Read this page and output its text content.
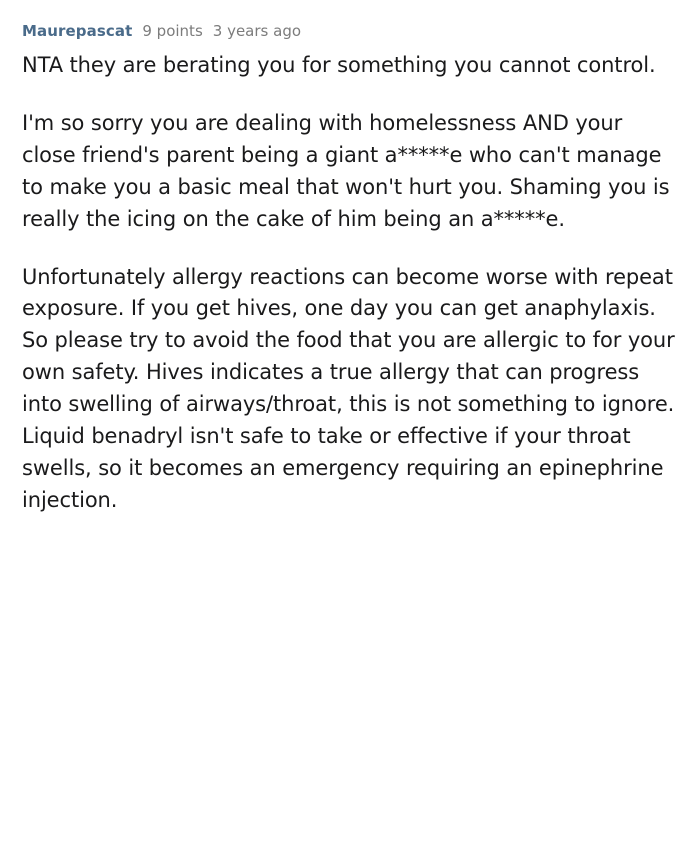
Maurepascat 9 points 3 years ago

NTA they are berating you for something you cannot control.

I'm so sorry you are dealing with homelessness AND your close friend's parent being a giant a*****e who can't manage to make you a basic meal that won't hurt you. Shaming you is really the icing on the cake of him being an a*****e.

Unfortunately allergy reactions can become worse with repeat exposure. If you get hives, one day you can get anaphylaxis. So please try to avoid the food that you are allergic to for your own safety. Hives indicates a true allergy that can progress into swelling of airways/throat, this is not something to ignore. Liquid benadryl isn't safe to take or effective if your throat swells, so it becomes an emergency requiring an epinephrine injection.
